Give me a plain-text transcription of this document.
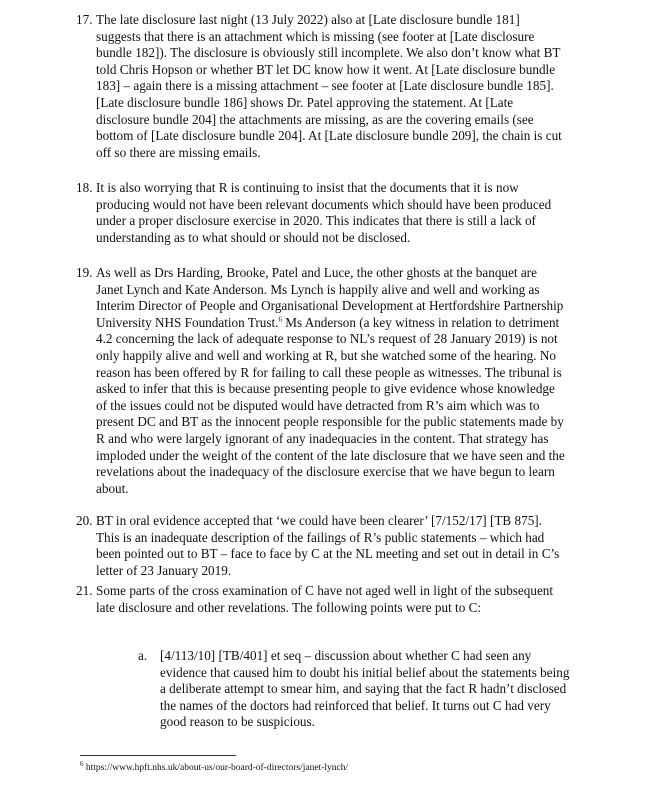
17. The late disclosure last night (13 July 2022) also at [Late disclosure bundle 181] suggests that there is an attachment which is missing (see footer at [Late disclosure bundle 182]). The disclosure is obviously still incomplete. We also don’t know what BT told Chris Hopson or whether BT let DC know how it went. At [Late disclosure bundle 183] – again there is a missing attachment – see footer at [Late disclosure bundle 185]. [Late disclosure bundle 186] shows Dr. Patel approving the statement. At [Late disclosure bundle 204] the attachments are missing, as are the covering emails (see bottom of [Late disclosure bundle 204]. At [Late disclosure bundle 209], the chain is cut off so there are missing emails.
18. It is also worrying that R is continuing to insist that the documents that it is now producing would not have been relevant documents which should have been produced under a proper disclosure exercise in 2020. This indicates that there is still a lack of understanding as to what should or should not be disclosed.
19. As well as Drs Harding, Brooke, Patel and Luce, the other ghosts at the banquet are Janet Lynch and Kate Anderson. Ms Lynch is happily alive and well and working as Interim Director of People and Organisational Development at Hertfordshire Partnership University NHS Foundation Trust.$^6$ Ms Anderson (a key witness in relation to detriment 4.2 concerning the lack of adequate response to NL’s request of 28 January 2019) is not only happily alive and well and working at R, but she watched some of the hearing. No reason has been offered by R for failing to call these people as witnesses. The tribunal is asked to infer that this is because presenting people to give evidence whose knowledge of the issues could not be disputed would have detracted from R’s aim which was to present DC and BT as the innocent people responsible for the public statements made by R and who were largely ignorant of any inadequacies in the content. That strategy has imploded under the weight of the content of the late disclosure that we have seen and the revelations about the inadequacy of the disclosure exercise that we have begun to learn about.
20. BT in oral evidence accepted that ‘we could have been clearer’ [7/152/17] [TB 875]. This is an inadequate description of the failings of R’s public statements – which had been pointed out to BT – face to face by C at the NL meeting and set out in detail in C’s letter of 23 January 2019.
21. Some parts of the cross examination of C have not aged well in light of the subsequent late disclosure and other revelations. The following points were put to C:
a. [4/113/10] [TB/401] et seq – discussion about whether C had seen any evidence that caused him to doubt his initial belief about the statements being a deliberate attempt to smear him, and saying that the fact R hadn’t disclosed the names of the doctors had reinforced that belief. It turns out C had very good reason to be suspicious.
$^6$ https://www.hpft.nhs.uk/about-us/our-board-of-directors/janet-lynch/
